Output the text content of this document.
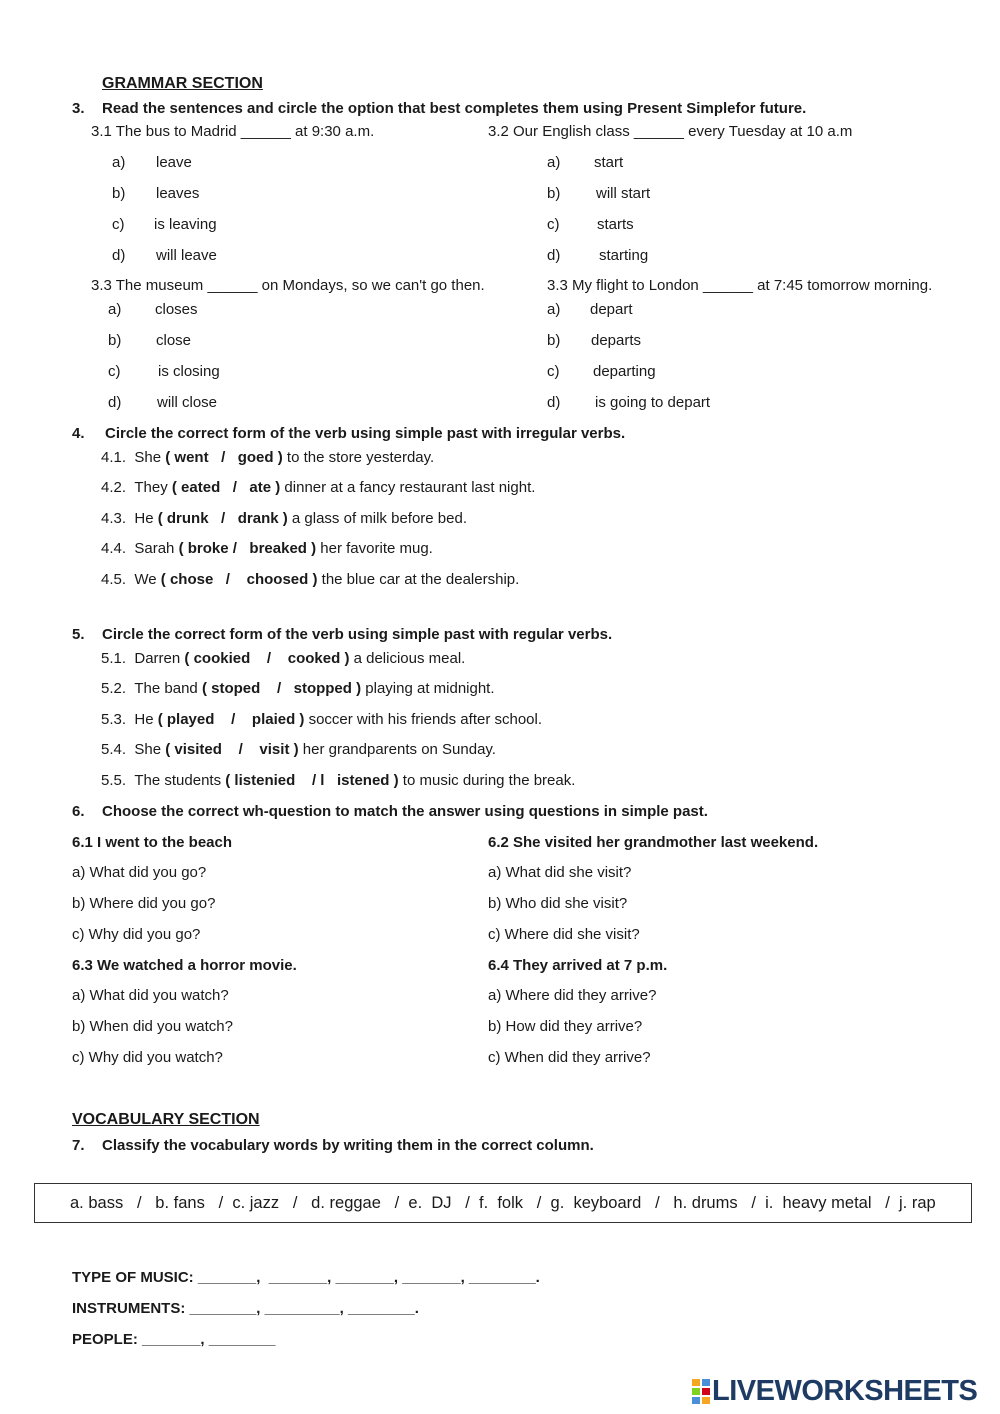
GRAMMAR SECTION
3. Read the sentences and circle the option that best completes them using Present Simplefor future.
3.1 The bus to Madrid ______ at 9:30 a.m.
a) leave
b) leaves
c) is leaving
d) will leave
3.2 Our English class ______ every Tuesday at 10 a.m
a) start
b) will start
c)	starts
d)	starting
3.3 The museum ______ on Mondays, so we can't go then.
a) closes
b) close
c)	is closing
d) will close
3.3 My flight to London ______ at 7:45 tomorrow morning.
a) depart
b) departs
c) departing
d) is going to depart
4. Circle the correct form of the verb using simple past with irregular verbs.
4.1. She ( went   /   goed ) to the store yesterday.
4.2. They ( eated   /   ate ) dinner at a fancy restaurant last night.
4.3. He ( drunk   /   drank ) a glass of milk before bed.
4.4. Sarah ( broke /   breaked ) her favorite mug.
4.5. We ( chose   /    choosed ) the blue car at the dealership.
5. Circle the correct form of the verb using simple past with regular verbs.
5.1. Darren ( cookied    /    cooked ) a delicious meal.
5.2. The band ( stoped    /   stopped ) playing at midnight.
5.3. He ( played    /    plaied ) soccer with his friends after school.
5.4. She ( visited    /    visit ) her grandparents on Sunday.
5.5. The students ( listenied    / l   istened ) to music during the break.
6. Choose the correct wh-question to match the answer using questions in simple past.
6.1 I went to the beach
a) What did you go?
b) Where did you go?
c) Why did you go?
6.2 She visited her grandmother last weekend.
a) What did she visit?
b) Who did she visit?
c) Where did she visit?
6.3 We watched a horror movie.
a) What did you watch?
b) When did you watch?
c) Why did you watch?
6.4 They arrived at 7 p.m.
a) Where did they arrive?
b) How did they arrive?
c) When did they arrive?
VOCABULARY SECTION
7. Classify the vocabulary words by writing them in the correct column.
a. bass   /   b. fans   /  c. jazz   /   d. reggae   /  e.  DJ   /  f.  folk   /  g.  keyboard   /   h. drums   /  i.  heavy metal   /  j. rap
TYPE OF MUSIC: _______,  _______, _______, _______, ________.
INSTRUMENTS: ________, _________, ________.
PEOPLE: _______, ________
LIVEWORKSHEETS
